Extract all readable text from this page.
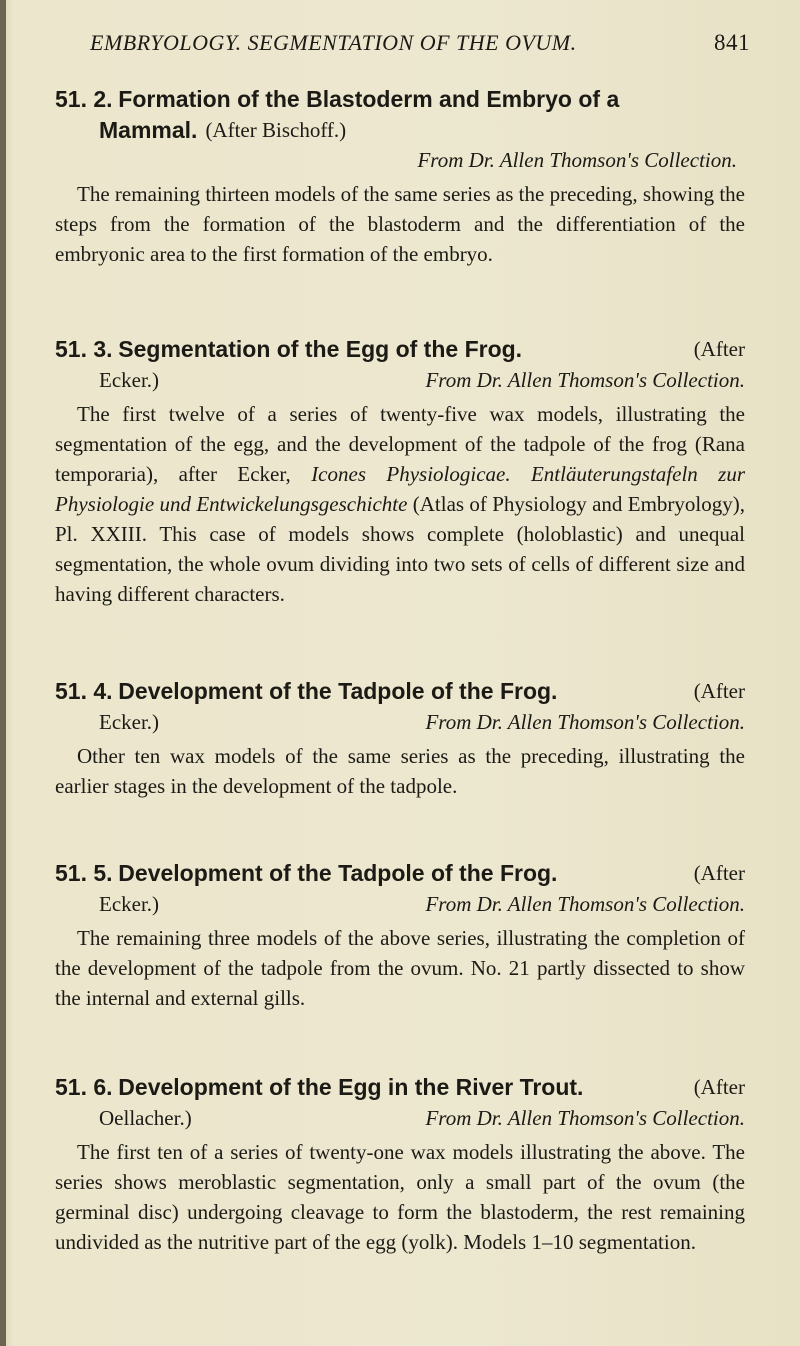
EMBRYOLOGY. SEGMENTATION OF THE OVUM.	841

51. 2. Formation of the Blastoderm and Embryo of a

Mammal. (After Bischoff.)
From Dr. Allen Thomson's Collection.

The remaining thirteen models of the same series as the preceding, showing the steps from the formation of the blastoderm and the differentiation of the embryonic area to the first formation of the embryo.

51. 3. Segmentation of the Egg of the Frog.	(After

Ecker.)	From Dr. Allen Thomson's Collection.

The first twelve of a series of twenty-five wax models, illustrating the segmentation of the egg, and the development of the tadpole of the frog (Rana temporaria), after Ecker, Icones Physiologicae. Entläuterungstafeln zur Physiologie und Entwickelungsgeschichte (Atlas of Physiology and Embryology), Pl. XXIII. This case of models shows complete (holoblastic) and unequal segmentation, the whole ovum dividing into two sets of cells of different size and having different characters.

51. 4. Development of the Tadpole of the Frog.	(After

Ecker.)	From Dr. Allen Thomson's Collection.

Other ten wax models of the same series as the preceding, illustrating the earlier stages in the development of the tadpole.

51. 5. Development of the Tadpole of the Frog.	(After

Ecker.)	From Dr. Allen Thomson's Collection.

The remaining three models of the above series, illustrating the completion of the development of the tadpole from the ovum. No. 21 partly dissected to show the internal and external gills.

51. 6. Development of the Egg in the River Trout.	(After

Oellacher.)	From Dr. Allen Thomson's Collection.

The first ten of a series of twenty-one wax models illustrating the above. The series shows meroblastic segmentation, only a small part of the ovum (the germinal disc) undergoing cleavage to form the blastoderm, the rest remaining undivided as the nutritive part of the egg (yolk). Models 1–10 segmentation.
